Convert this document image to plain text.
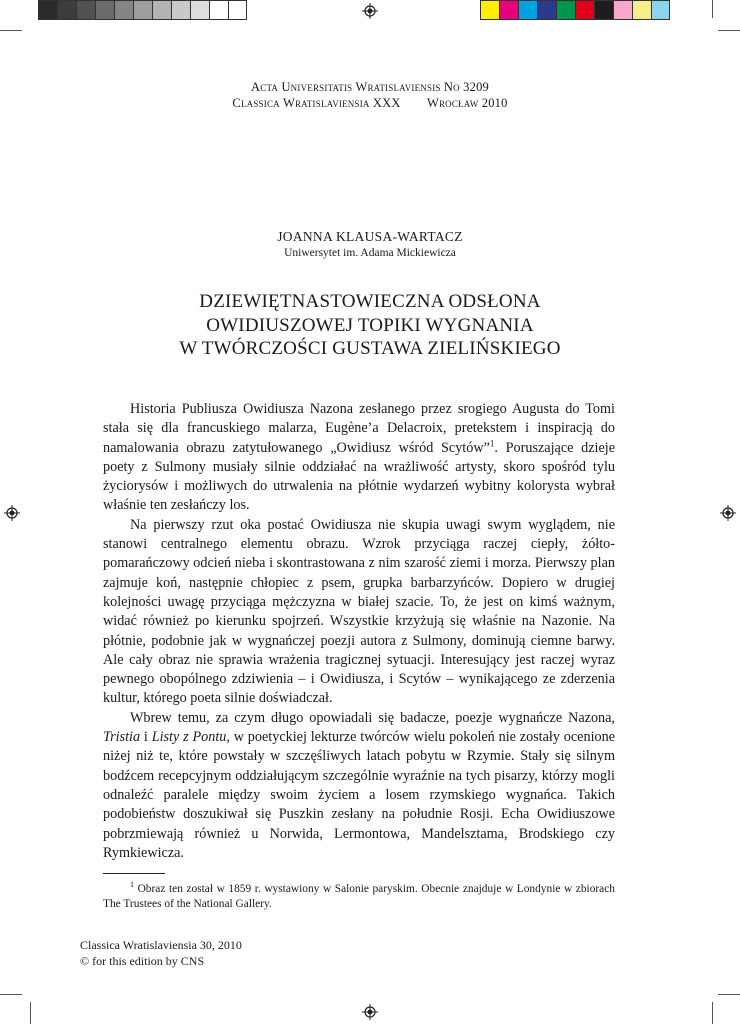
Acta Universitatis Wratislaviensis No 3209
Classica Wratislaviensia XXX        Wrocław 2010
JOANNA KLAUSA-WARTACZ
Uniwersytet im. Adama Mickiewicza
DZIEWIĘTNASTOWIECZNA ODSŁONA
OWIDIUSZOWEJ TOPIKI WYGNANIA
W TWÓRCZOŚCI GUSTAWA ZIELIŃSKIEGO

Historia Publiusza Owidiusza Nazona zesłanego przez srogiego Augusta do Tomi stała się dla francuskiego malarza, Eugène’a Delacroix, pretekstem i inspiracją do namalowania obrazu zatytułowanego „Owidiusz wśród Scytów”$^1$. Poruszające dzieje poety z Sulmony musiały silnie oddziałać na wrażliwość artysty, skoro spośród tylu życiorysów i możliwych do utrwalenia na płótnie wydarzeń wybitny kolorysta wybrał właśnie ten zesłańczy los.

Na pierwszy rzut oka postać Owidiusza nie skupia uwagi swym wyglądem, nie stanowi centralnego elementu obrazu. Wzrok przyciąga raczej ciepły, żółto-pomarańczowy odcień nieba i skontrastowana z nim szarość ziemi i morza. Pierwszy plan zajmuje koń, następnie chłopiec z psem, grupka barbarzyńców. Dopiero w drugiej kolejności uwagę przyciąga mężczyzna w białej szacie. To, że jest on kimś ważnym, widać również po kierunku spojrzeń. Wszystkie krzyżują się właśnie na Nazonie. Na płótnie, podobnie jak w wygnańczej poezji autora z Sulmony, dominują ciemne barwy. Ale cały obraz nie sprawia wrażenia tragicznej sytuacji. Interesujący jest raczej wyraz pewnego obopólnego zdziwienia – i Owidiusza, i Scytów – wynikającego ze zderzenia kultur, którego poeta silnie doświadczał.

Wbrew temu, za czym długo opowiadali się badacze, poezje wygnańcze Nazona, Tristia i Listy z Pontu, w poetyckiej lekturze twórców wielu pokoleń nie zostały ocenione niżej niż te, które powstały w szczęśliwych latach pobytu w Rzymie. Stały się silnym bodźcem recepcyjnym oddziałującym szczególnie wyraźnie na tych pisarzy, którzy mogli odnaleźć paralele między swoim życiem a losem rzymskiego wygnańca. Takich podobieństw doszukiwał się Puszkin zesłany na południe Rosji. Echa Owidiuszowe pobrzmiewają również u Norwida, Lermontowa, Mandelsztama, Brodskiego czy Rymkiewicza.

$^1$ Obraz ten został w 1859 r. wystawiony w Salonie paryskim. Obecnie znajduje w Londynie w zbiorach The Trustees of the National Gallery.
Classica Wratislaviensia 30, 2010
© for this edition by CNS
